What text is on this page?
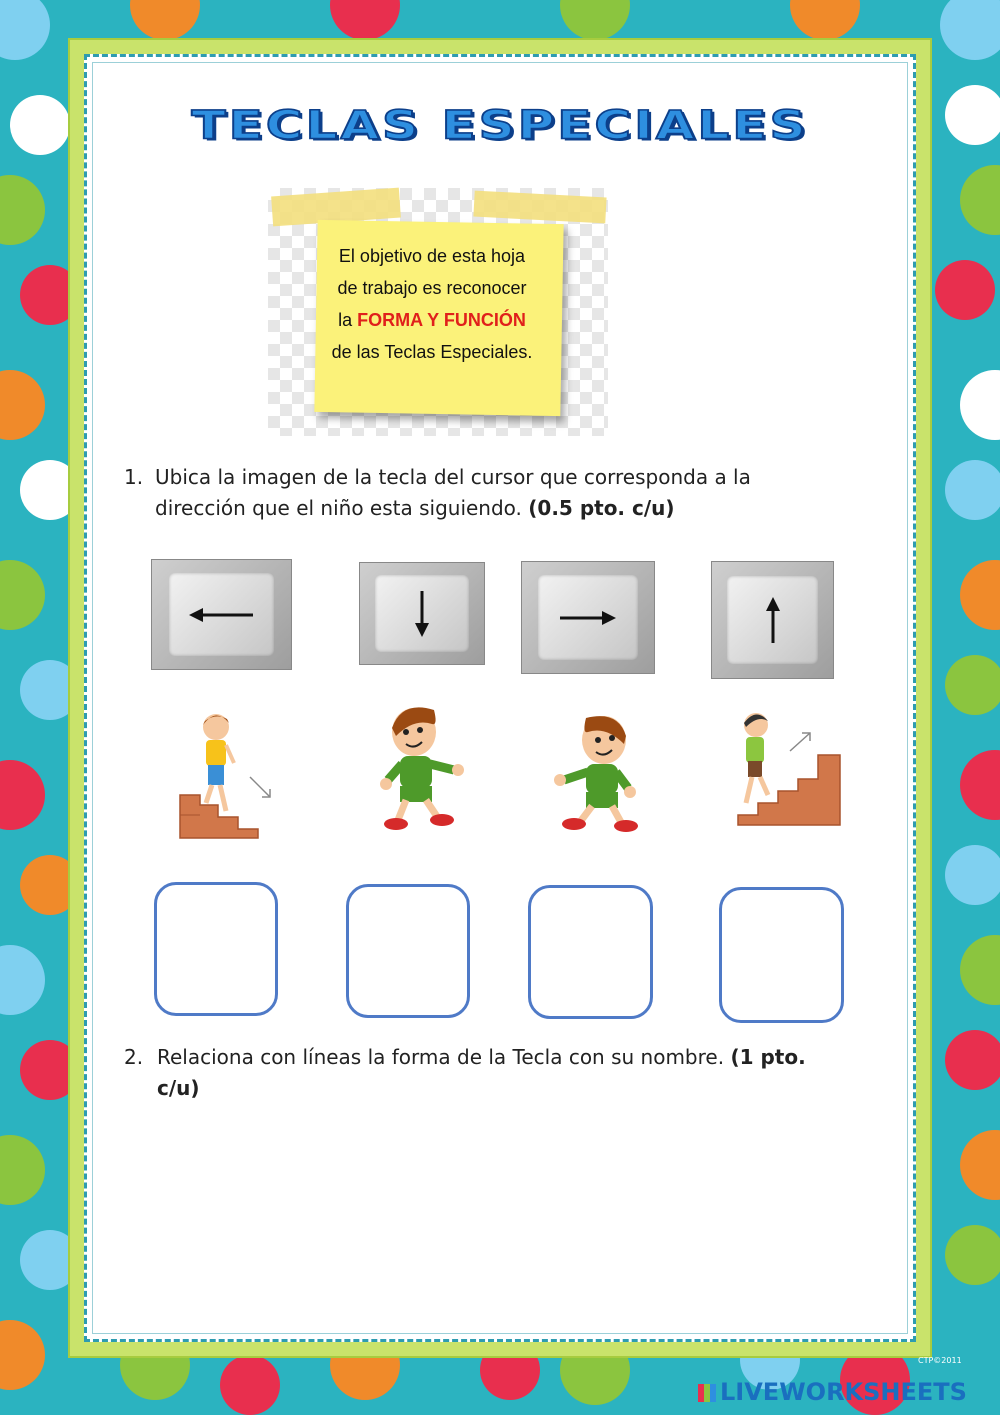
TECLAS ESPECIALES
El objetivo de esta hoja
de trabajo es reconocer
la FORMA Y FUNCIÓN
de las Teclas Especiales.
1. Ubica la imagen de la tecla del cursor que corresponda a la
dirección que el niño esta siguiendo. (0.5 pto. c/u)
2. Relaciona con líneas la forma de la Tecla con su nombre. (1 pto.
c/u)
CTP©2011
LIVEWORKSHEETS
